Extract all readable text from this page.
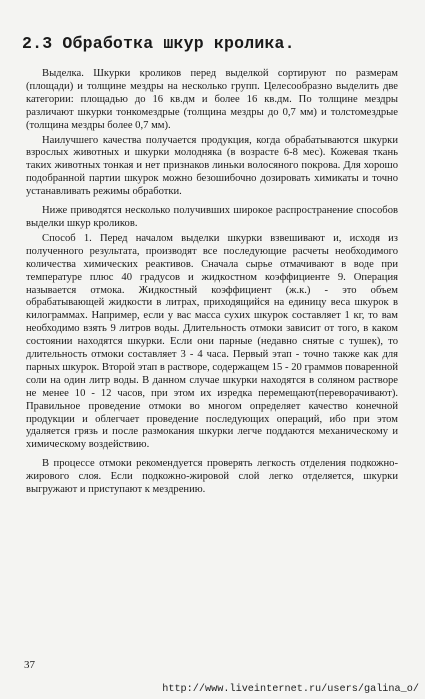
2.3 Обработка шкур кролика.

Выделка. Шкурки кроликов перед выделкой сортируют по размерам (площади) и толщине мездры на несколько групп. Целесообразно выделить две категории: площадью до 16 кв.дм и более 16 кв.дм. По толщине мездры различают шкурки тонкомездрые (толщина мездры до 0,7 мм) и толстомездрые (толщина мездры более 0,7 мм).

Наилучшего качества получается продукция, когда обрабатываются шкурки взрослых животных и шкурки молодняка (в возрасте 6-8 мес). Кожевая ткань таких животных тонкая и нет признаков линьки волосяного покрова. Для хорошо подобранной партии шкурок можно безошибочно дозировать химикаты и точно устанавливать режимы обработки.

Ниже приводятся несколько получивших широкое распространение способов выделки шкур кроликов.

Способ 1. Перед началом выделки шкурки взвешивают и, исходя из полученного результата, производят все последующие расчеты необходимого количества химических реактивов. Сначала сырье отмачивают в воде при температуре плюс 40 градусов и жидкостном коэффициенте 9. Операция называется отмока. Жидкостный коэффициент (ж.к.) - это объем обрабатывающей жидкости в литрах, приходящийся на единицу веса шкурок в килограммах. Например, если у вас масса сухих шкурок составляет 1 кг, то вам необходимо взять 9 литров воды. Длительность отмоки зависит от того, в каком состоянии находятся шкурки. Если они парные (недавно снятые с тушек), то длительность отмоки составляет 3 - 4 часа. Первый этап - точно также как для парных шкурок. Второй этап в растворе, содержащем 15 - 20 граммов поваренной соли на один литр воды. В данном случае шкурки находятся в соляном растворе не менее 10 - 12 часов, при этом их изредка перемещают(переворачивают). Правильное проведение отмоки во многом определяет качество конечной продукции и облегчает проведение последующих операций, ибо при этом удаляется грязь и после размокания шкурки легче поддаются механическому и химическому воздействию.

В процессе отмоки рекомендуется проверять легкость отделения подкожно-жирового слоя. Если подкожно-жировой слой легко отделяется, шкурки выгружают и приступают к мездрению.

37
http://www.liveinternet.ru/users/galina_o/
